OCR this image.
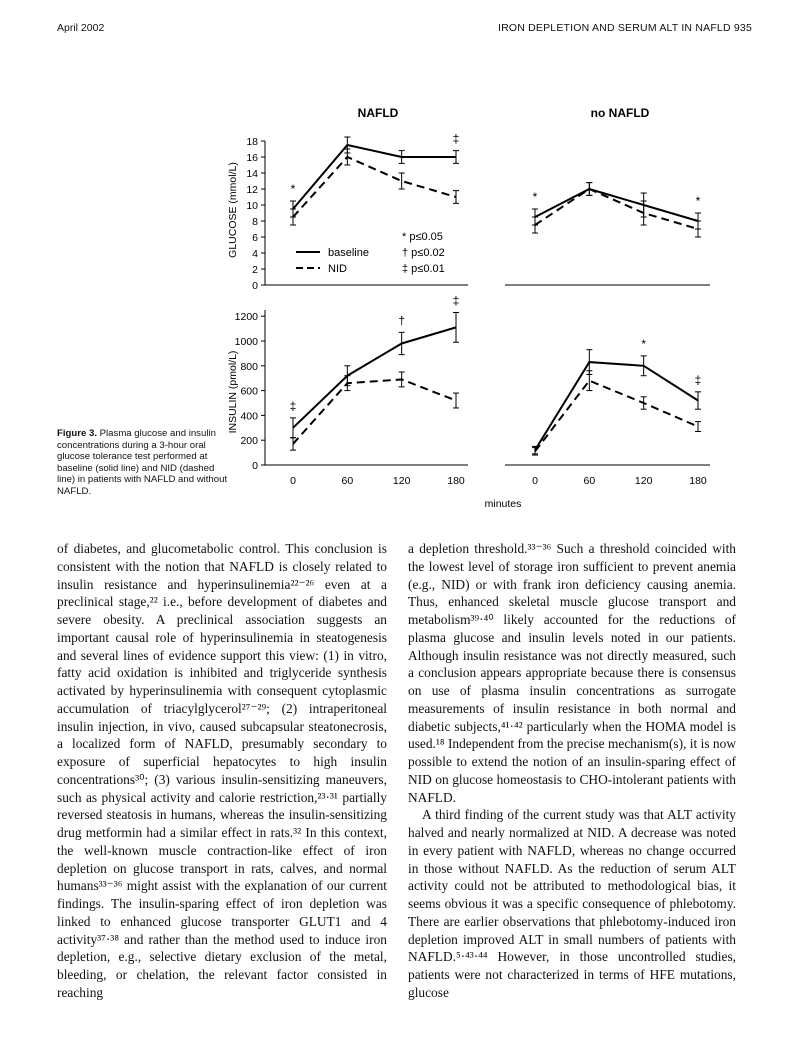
April 2002	IRON DEPLETION AND SERUM ALT IN NAFLD 935
0
2
4
6
8
10
12
14
16
18
*
‡
*	*
0
200
400
600
800
1000
1200
‡
†
‡
*
‡
0	60	120	180	0	60	120	180
NAFLD	no NAFLD
GLUCOSE (mmol/L)
INSULIN (pmol/L)
minutes
baseline
NID
* p≤0.05
† p≤0.02
‡ p≤0.01
Figure 3. Plasma glucose and insulin concentrations during a 3-hour oral glucose tolerance test performed at baseline (solid line) and NID (dashed line) in patients with NAFLD and without NAFLD.

of diabetes, and glucometabolic control. This conclusion is consistent with the notion that NAFLD is closely related to insulin resistance and hyperinsulinemia²²⁻²⁶ even at a preclinical stage,²² i.e., before development of diabetes and severe obesity. A preclinical association suggests an important causal role of hyperinsulinemia in steatogenesis and several lines of evidence support this view: (1) in vitro, fatty acid oxidation is inhibited and triglyceride synthesis activated by hyperinsulinemia with consequent cytoplasmic accumulation of triacylglycerol²⁷⁻²⁹; (2) intraperitoneal insulin injection, in vivo, caused subcapsular steatonecrosis, a localized form of NAFLD, presumably secondary to exposure of superficial hepatocytes to high insulin concentrations³⁰; (3) various insulin-sensitizing maneuvers, such as physical activity and calorie restriction,²³·³¹ partially reversed steatosis in humans, whereas the insulin-sensitizing drug metformin had a similar effect in rats.³² In this context, the well-known muscle contraction-like effect of iron depletion on glucose transport in rats, calves, and normal humans³³⁻³⁶ might assist with the explanation of our current findings. The insulin-sparing effect of iron depletion was linked to enhanced glucose transporter GLUT1 and 4 activity³⁷·³⁸ and rather than the method used to induce iron depletion, e.g., selective dietary exclusion of the metal, bleeding, or chelation, the relevant factor consisted in reaching

a depletion threshold.³³⁻³⁶ Such a threshold coincided with the lowest level of storage iron sufficient to prevent anemia (e.g., NID) or with frank iron deficiency causing anemia. Thus, enhanced skeletal muscle glucose transport and metabolism³⁹·⁴⁰ likely accounted for the reductions of plasma glucose and insulin levels noted in our patients. Although insulin resistance was not directly measured, such a conclusion appears appropriate because there is consensus on use of plasma insulin concentrations as surrogate measurements of insulin resistance in both normal and diabetic subjects,⁴¹·⁴² particularly when the HOMA model is used.¹⁸ Independent from the precise mechanism(s), it is now possible to extend the notion of an insulin-sparing effect of NID on glucose homeostasis to CHO-intolerant patients with NAFLD.

A third finding of the current study was that ALT activity halved and nearly normalized at NID. A decrease was noted in every patient with NAFLD, whereas no change occurred in those without NAFLD. As the reduction of serum ALT activity could not be attributed to methodological bias, it seems obvious it was a specific consequence of phlebotomy. There are earlier observations that phlebotomy-induced iron depletion improved ALT in small numbers of patients with NAFLD.⁵·⁴³·⁴⁴ However, in those uncontrolled studies, patients were not characterized in terms of HFE mutations, glucose
